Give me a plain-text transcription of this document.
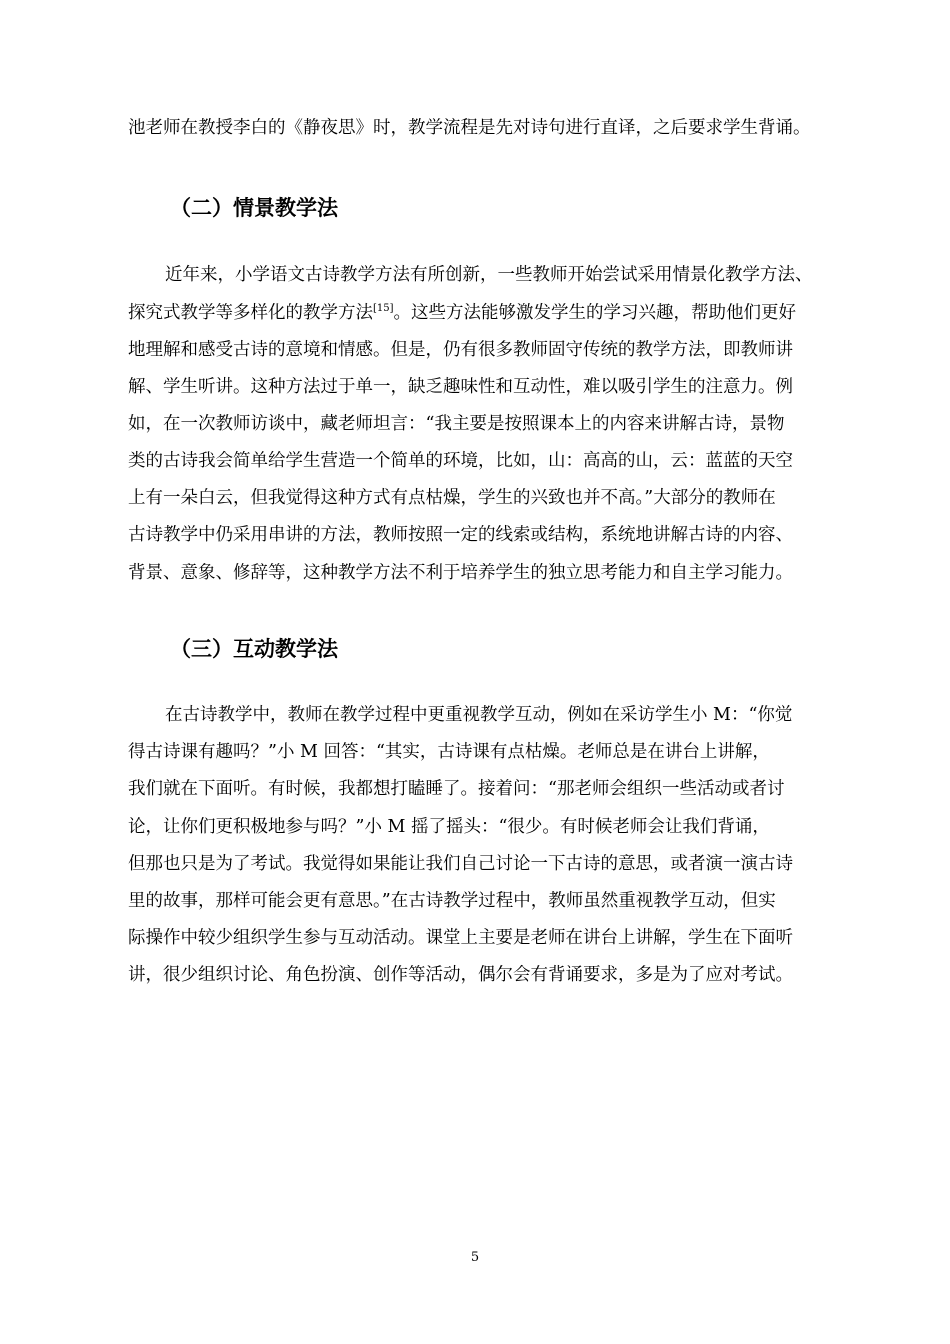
池老师在教授李白的《静夜思》时，教学流程是先对诗句进行直译，之后要求学生背诵。
（二）情景教学法
近年来，小学语文古诗教学方法有所创新，一些教师开始尝试采用情景化教学方法、
探究式教学等多样化的教学方法[15]。这些方法能够激发学生的学习兴趣，帮助他们更好
地理解和感受古诗的意境和情感。但是，仍有很多教师固守传统的教学方法，即教师讲
解、学生听讲。这种方法过于单一，缺乏趣味性和互动性，难以吸引学生的注意力。例
如，在一次教师访谈中，藏老师坦言：“我主要是按照课本上的内容来讲解古诗，景物
类的古诗我会简单给学生营造一个简单的环境，比如，山：高高的山，云：蓝蓝的天空
上有一朵白云，但我觉得这种方式有点枯燥，学生的兴致也并不高。”大部分的教师在
古诗教学中仍采用串讲的方法，教师按照一定的线索或结构，系统地讲解古诗的内容、
背景、意象、修辞等，这种教学方法不利于培养学生的独立思考能力和自主学习能力。
（三）互动教学法
在古诗教学中，教师在教学过程中更重视教学互动，例如在采访学生小 M：“你觉
得古诗课有趣吗？”小 M 回答：“其实，古诗课有点枯燥。老师总是在讲台上讲解，
我们就在下面听。有时候，我都想打瞌睡了。接着问：“那老师会组织一些活动或者讨
论，让你们更积极地参与吗？”小 M 摇了摇头：“很少。有时候老师会让我们背诵，
但那也只是为了考试。我觉得如果能让我们自己讨论一下古诗的意思，或者演一演古诗
里的故事，那样可能会更有意思。”在古诗教学过程中，教师虽然重视教学互动，但实
际操作中较少组织学生参与互动活动。课堂上主要是老师在讲台上讲解，学生在下面听
讲，很少组织讨论、角色扮演、创作等活动，偶尔会有背诵要求，多是为了应对考试。
5
